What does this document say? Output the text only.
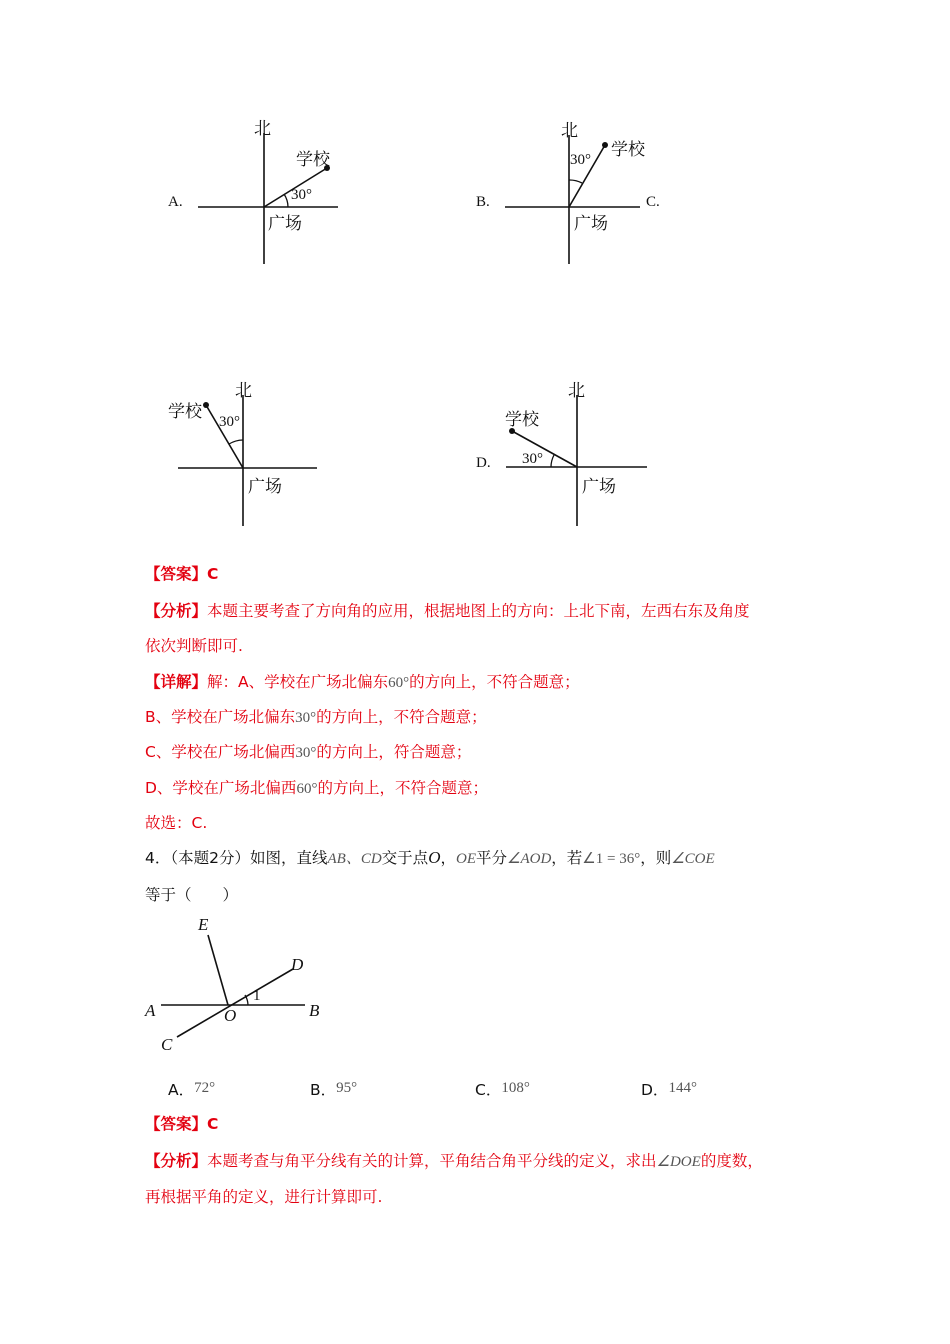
A.
北
学校
30°
广场
B.	C.
北
学校
30°
广场
北
学校 30°
广场
D.
北
学校
30°
广场
【答案】C
【分析】本题主要考查了方向角的应用，根据地图上的方向：上北下南，左西右东及角度
依次判断即可.
【详解】解：A、学校在广场北偏东60°的方向上，不符合题意；
B、学校在广场北偏东30°的方向上，不符合题意；
C、学校在广场北偏西30°的方向上，符合题意；
D、学校在广场北偏西60°的方向上，不符合题意；
故选：C.
4．（本题2分）如图，直线AB、CD交于点O，OE平分∠AOD，若∠1 = 36°，则∠COE
等于（　　）
E
D
A	O
1
B
C
A．72°	B．95°	C．108°	D．144°
【答案】C
【分析】本题考查与角平分线有关的计算，平角结合角平分线的定义，求出∠DOE的度数，
再根据平角的定义，进行计算即可.
